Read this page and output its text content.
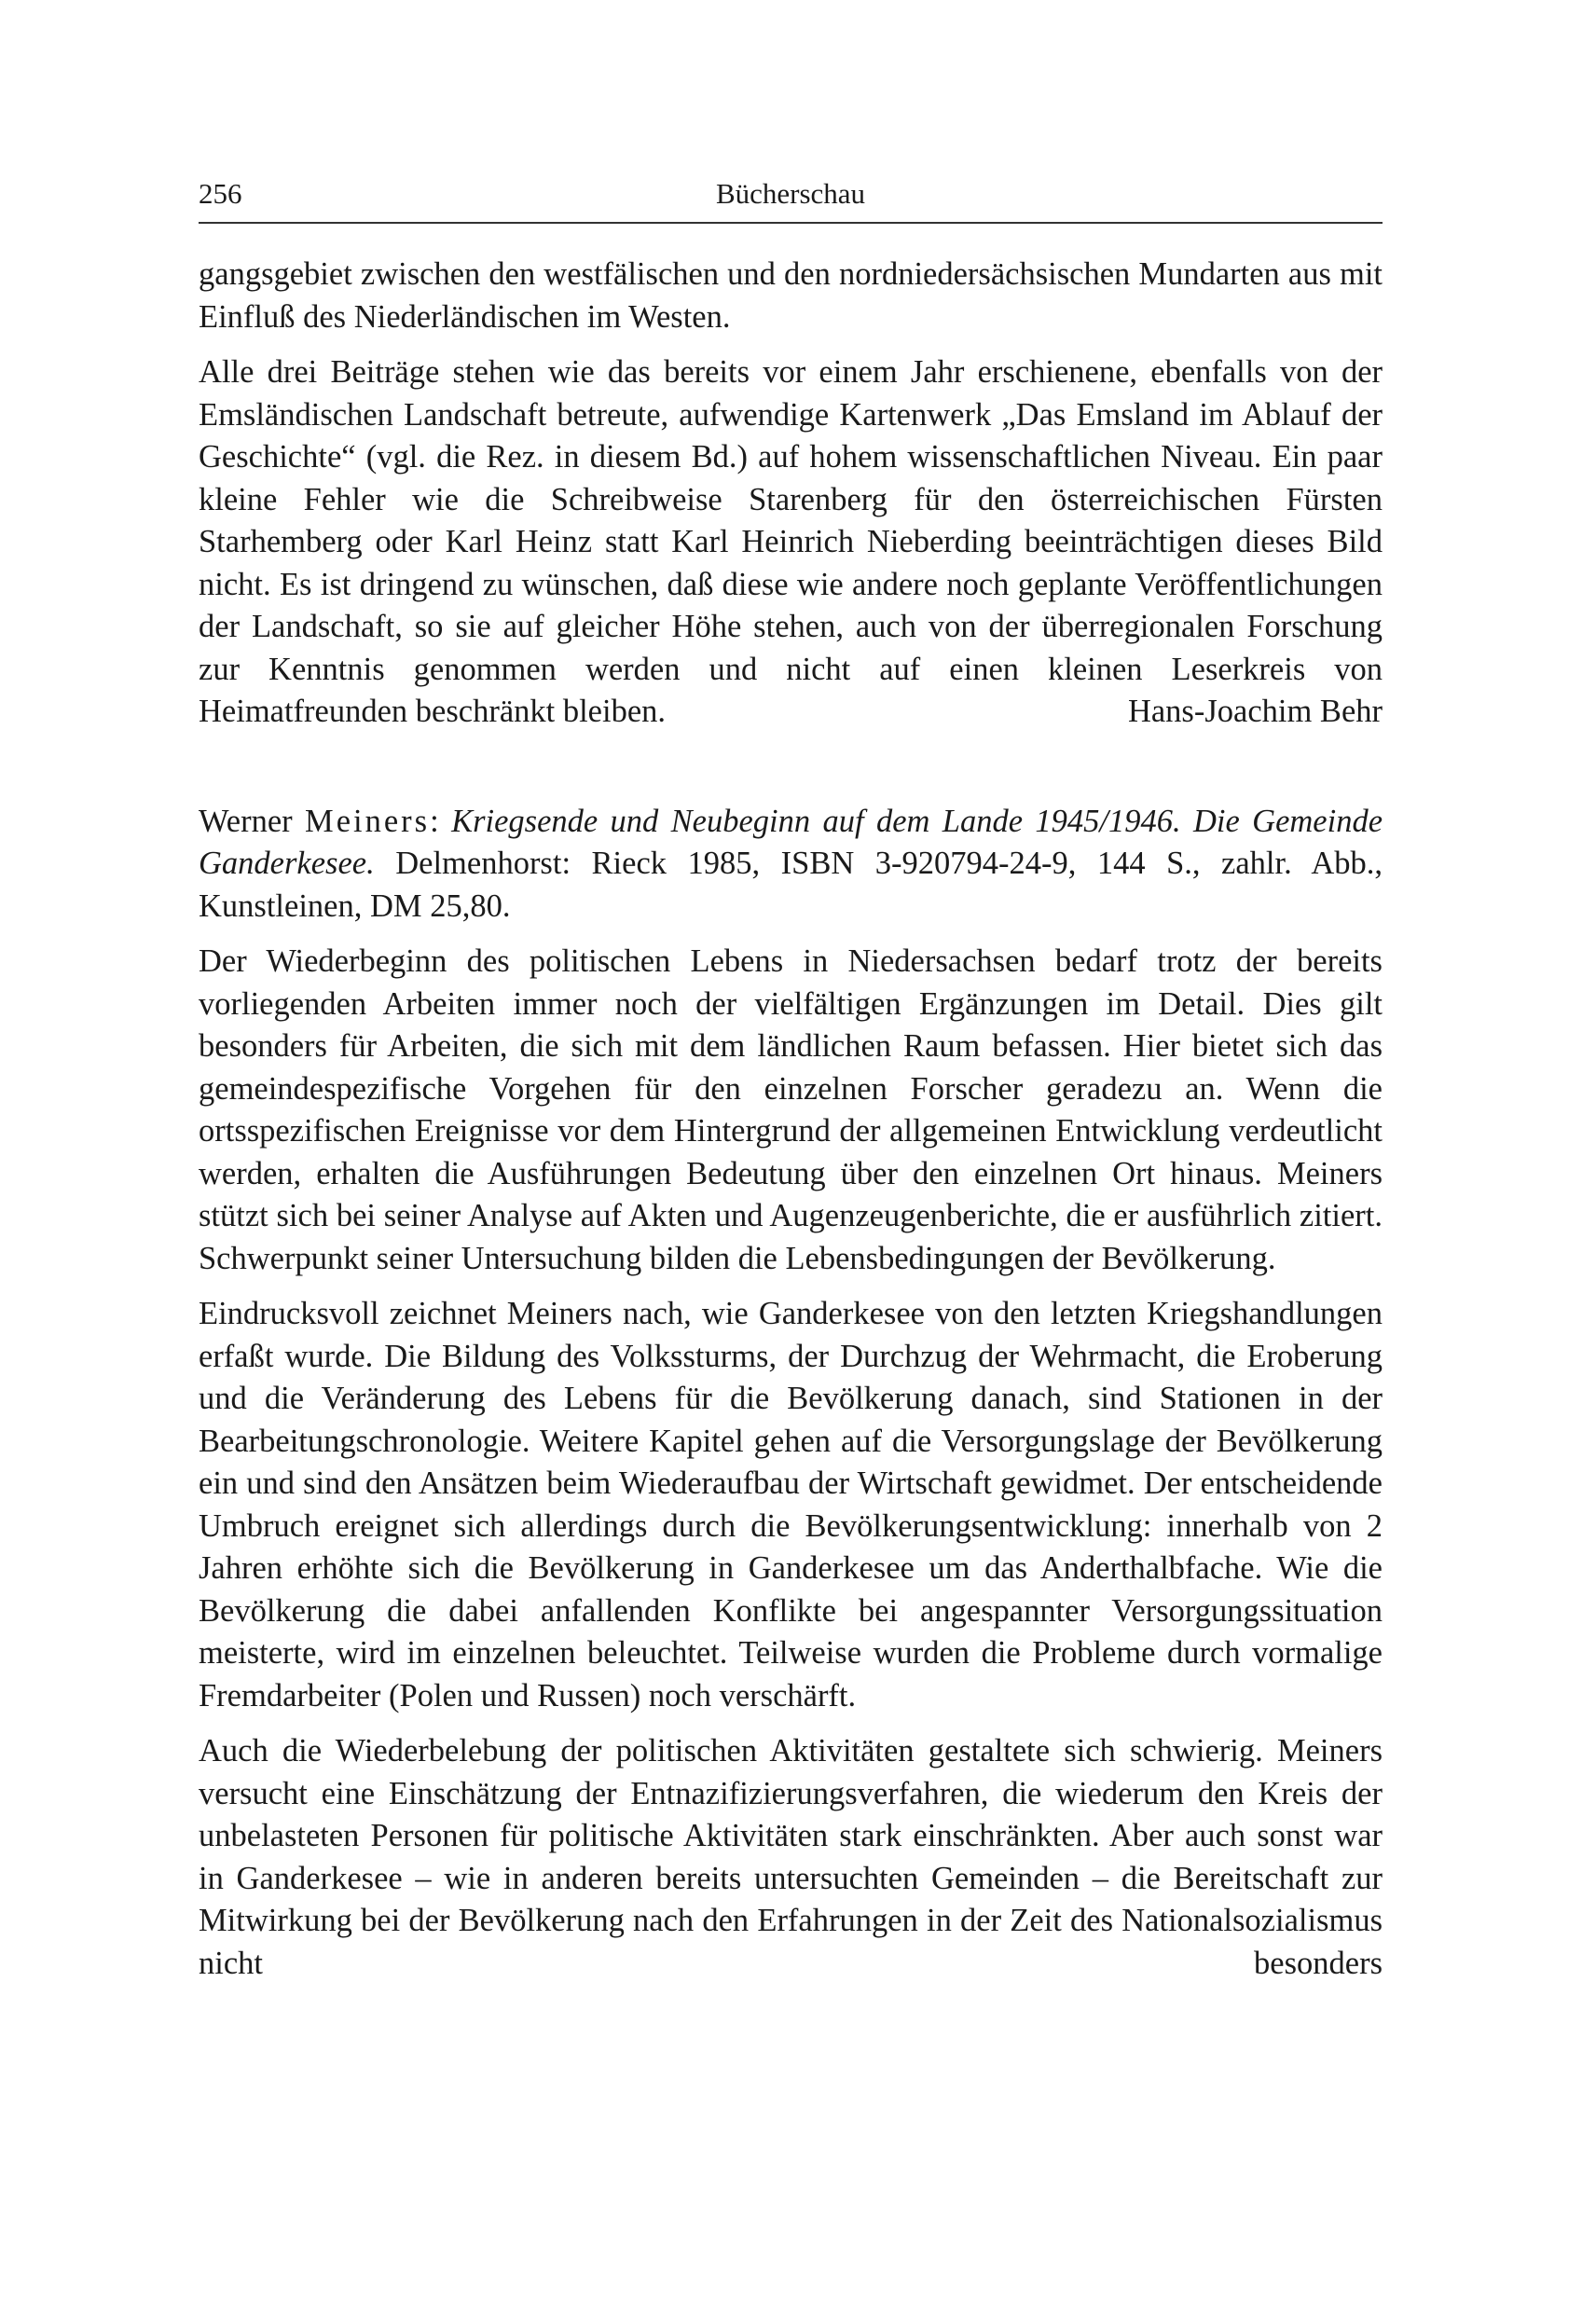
256	Bücherschau

gangsgebiet zwischen den westfälischen und den nordniedersächsischen Mundarten aus mit Einfluß des Niederländischen im Westen.

Alle drei Beiträge stehen wie das bereits vor einem Jahr erschienene, ebenfalls von der Emsländischen Landschaft betreute, aufwendige Kartenwerk „Das Emsland im Ablauf der Geschichte“ (vgl. die Rez. in diesem Bd.) auf hohem wissenschaftlichen Niveau. Ein paar kleine Fehler wie die Schreibweise Starenberg für den österreichischen Fürsten Starhemberg oder Karl Heinz statt Karl Heinrich Nieberding beeinträchtigen dieses Bild nicht. Es ist dringend zu wünschen, daß diese wie andere noch geplante Veröffentlichungen der Landschaft, so sie auf gleicher Höhe stehen, auch von der überregionalen Forschung zur Kenntnis genommen werden und nicht auf einen kleinen Leserkreis von Heimatfreunden beschränkt bleiben.	Hans-Joachim Behr

Werner Meiners: Kriegsende und Neubeginn auf dem Lande 1945/1946. Die Gemeinde Ganderkesee. Delmenhorst: Rieck 1985, ISBN 3-920794-24-9, 144 S., zahlr. Abb., Kunstleinen, DM 25,80.

Der Wiederbeginn des politischen Lebens in Niedersachsen bedarf trotz der bereits vorliegenden Arbeiten immer noch der vielfältigen Ergänzungen im Detail. Dies gilt besonders für Arbeiten, die sich mit dem ländlichen Raum befassen. Hier bietet sich das gemeindespezifische Vorgehen für den einzelnen Forscher geradezu an. Wenn die ortsspezifischen Ereignisse vor dem Hintergrund der allgemeinen Entwicklung verdeutlicht werden, erhalten die Ausführungen Bedeutung über den einzelnen Ort hinaus. Meiners stützt sich bei seiner Analyse auf Akten und Augenzeugenberichte, die er ausführlich zitiert. Schwerpunkt seiner Untersuchung bilden die Lebensbedingungen der Bevölkerung.

Eindrucksvoll zeichnet Meiners nach, wie Ganderkesee von den letzten Kriegshandlungen erfaßt wurde. Die Bildung des Volkssturms, der Durchzug der Wehrmacht, die Eroberung und die Veränderung des Lebens für die Bevölkerung danach, sind Stationen in der Bearbeitungschronologie. Weitere Kapitel gehen auf die Versorgungslage der Bevölkerung ein und sind den Ansätzen beim Wiederaufbau der Wirtschaft gewidmet. Der entscheidende Umbruch ereignet sich allerdings durch die Bevölkerungsentwicklung: innerhalb von 2 Jahren erhöhte sich die Bevölkerung in Ganderkesee um das Anderthalbfache. Wie die Bevölkerung die dabei anfallenden Konflikte bei angespannter Versorgungssituation meisterte, wird im einzelnen beleuchtet. Teilweise wurden die Probleme durch vormalige Fremdarbeiter (Polen und Russen) noch verschärft.

Auch die Wiederbelebung der politischen Aktivitäten gestaltete sich schwierig. Meiners versucht eine Einschätzung der Entnazifizierungsverfahren, die wiederum den Kreis der unbelasteten Personen für politische Aktivitäten stark einschränkten. Aber auch sonst war in Ganderkesee – wie in anderen bereits untersuchten Gemeinden – die Bereitschaft zur Mitwirkung bei der Bevölkerung nach den Erfahrungen in der Zeit des Nationalsozialismus nicht besonders
